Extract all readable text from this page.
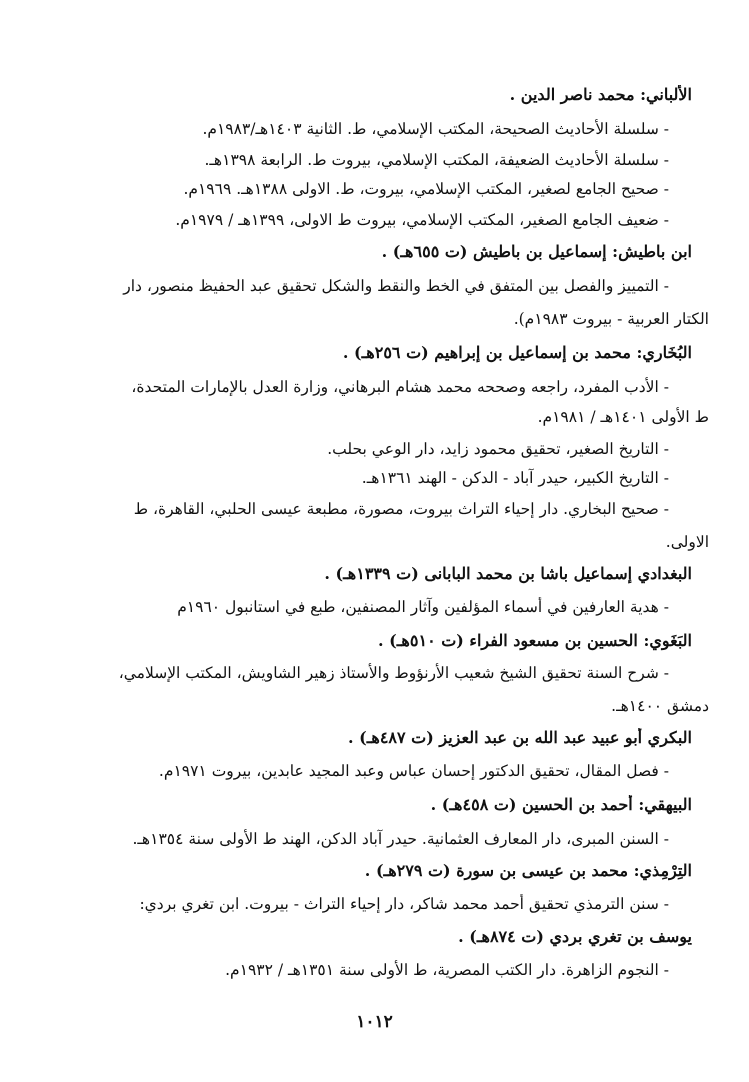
الألباني: محمد ناصر الدين .
- سلسلة الأحاديث الصحيحة، المكتب الإسلامي، ط. الثانية ١٤٠٣هـ/١٩٨٣م.
- سلسلة الأحاديث الضعيفة، المكتب الإسلامي، بيروت ط. الرابعة ١٣٩٨هـ.
- صحيح الجامع لصغير، المكتب الإسلامي، بيروت، ط. الاولى ١٣٨٨هـ. ١٩٦٩م.
- ضعيف الجامع الصغير، المكتب الإسلامي، بيروت ط الاولى، ١٣٩٩هـ / ١٩٧٩م.
ابن باطيش: إسماعيل بن باطيش (ت ٦٥٥هـ) .
- التمييز والفصل بين المتفق في الخط والنقط والشكل تحقيق عبد الحفيظ منصور، دار
الكتار العربية - بيروت ١٩٨٣م).
البُخَاري: محمد بن إسماعيل بن إبراهيم (ت ٢٥٦هـ) .
- الأدب المفرد، راجعه وصححه محمد هشام البرهاني، وزارة العدل بالإمارات المتحدة،
ط الأولى ١٤٠١هـ / ١٩٨١م.
- التاريخ الصغير، تحقيق محمود زايد، دار الوعي بحلب.
- التاريخ الكبير، حيدر آباد - الدكن - الهند ١٣٦١هـ.
- صحيح البخاري. دار إحياء التراث بيروت، مصورة، مطبعة عيسى الحلبي، القاهرة، ط
الاولى.
البغدادي إسماعيل باشا بن محمد البابانى (ت ١٣٣٩هـ) .
- هدية العارفين في أسماء المؤلفين وآثار المصنفين، طبع في استانبول ١٩٦٠م
البَغَوي: الحسين بن مسعود الفراء (ت ٥١٠هـ) .
- شرح السنة تحقيق الشيخ شعيب الأرنؤوط والأستاذ زهير الشاويش، المكتب الإسلامي،
دمشق ١٤٠٠هـ.
البكري أبو عبيد عبد الله بن عبد العزيز (ت ٤٨٧هـ) .
- فصل المقال، تحقيق الدكتور إحسان عباس وعبد المجيد عابدين، بيروت ١٩٧١م.
البيهقي: أحمد بن الحسين (ت ٤٥٨هـ) .
- السنن المبرى، دار المعارف العثمانية. حيدر آباد الدكن، الهند ط الأولى سنة ١٣٥٤هـ.
التِرْمِذي: محمد بن عيسى بن سورة (ت ٢٧٩هـ) .
- سنن الترمذي تحقيق أحمد محمد شاكر، دار إحياء التراث - بيروت. ابن تغري بردي:
يوسف بن تغري بردي (ت ٨٧٤هـ) .
- النجوم الزاهرة. دار الكتب المصرية، ط الأولى سنة ١٣٥١هـ / ١٩٣٢م.
١٠١٢
